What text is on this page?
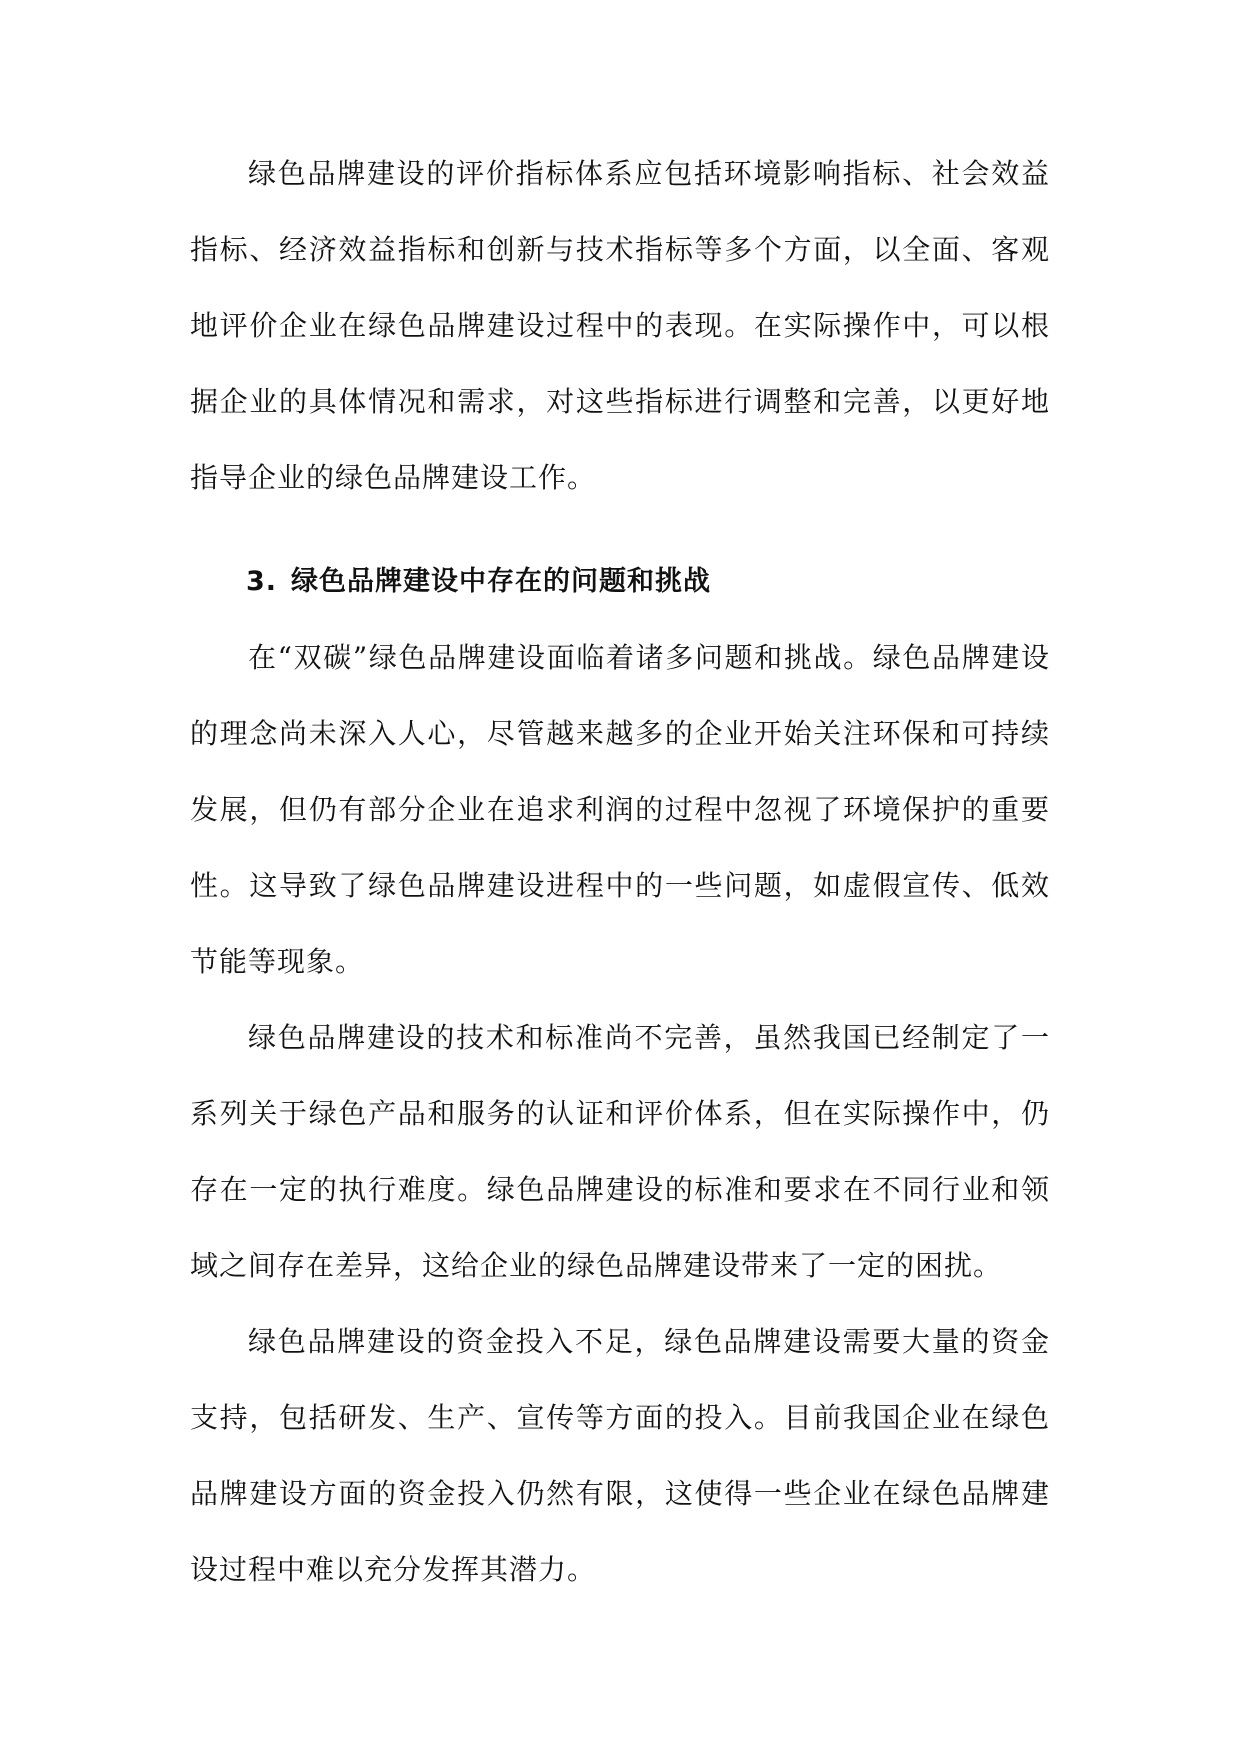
绿色品牌建设的评价指标体系应包括环境影响指标、社会效益指标、经济效益指标和创新与技术指标等多个方面，以全面、客观地评价企业在绿色品牌建设过程中的表现。在实际操作中，可以根据企业的具体情况和需求，对这些指标进行调整和完善，以更好地指导企业的绿色品牌建设工作。

3. 绿色品牌建设中存在的问题和挑战

在“双碳”绿色品牌建设面临着诸多问题和挑战。绿色品牌建设的理念尚未深入人心，尽管越来越多的企业开始关注环保和可持续发展，但仍有部分企业在追求利润的过程中忽视了环境保护的重要性。这导致了绿色品牌建设进程中的一些问题，如虚假宣传、低效节能等现象。

绿色品牌建设的技术和标准尚不完善，虽然我国已经制定了一系列关于绿色产品和服务的认证和评价体系，但在实际操作中，仍存在一定的执行难度。绿色品牌建设的标准和要求在不同行业和领域之间存在差异，这给企业的绿色品牌建设带来了一定的困扰。

绿色品牌建设的资金投入不足，绿色品牌建设需要大量的资金支持，包括研发、生产、宣传等方面的投入。目前我国企业在绿色品牌建设方面的资金投入仍然有限，这使得一些企业在绿色品牌建设过程中难以充分发挥其潜力。
